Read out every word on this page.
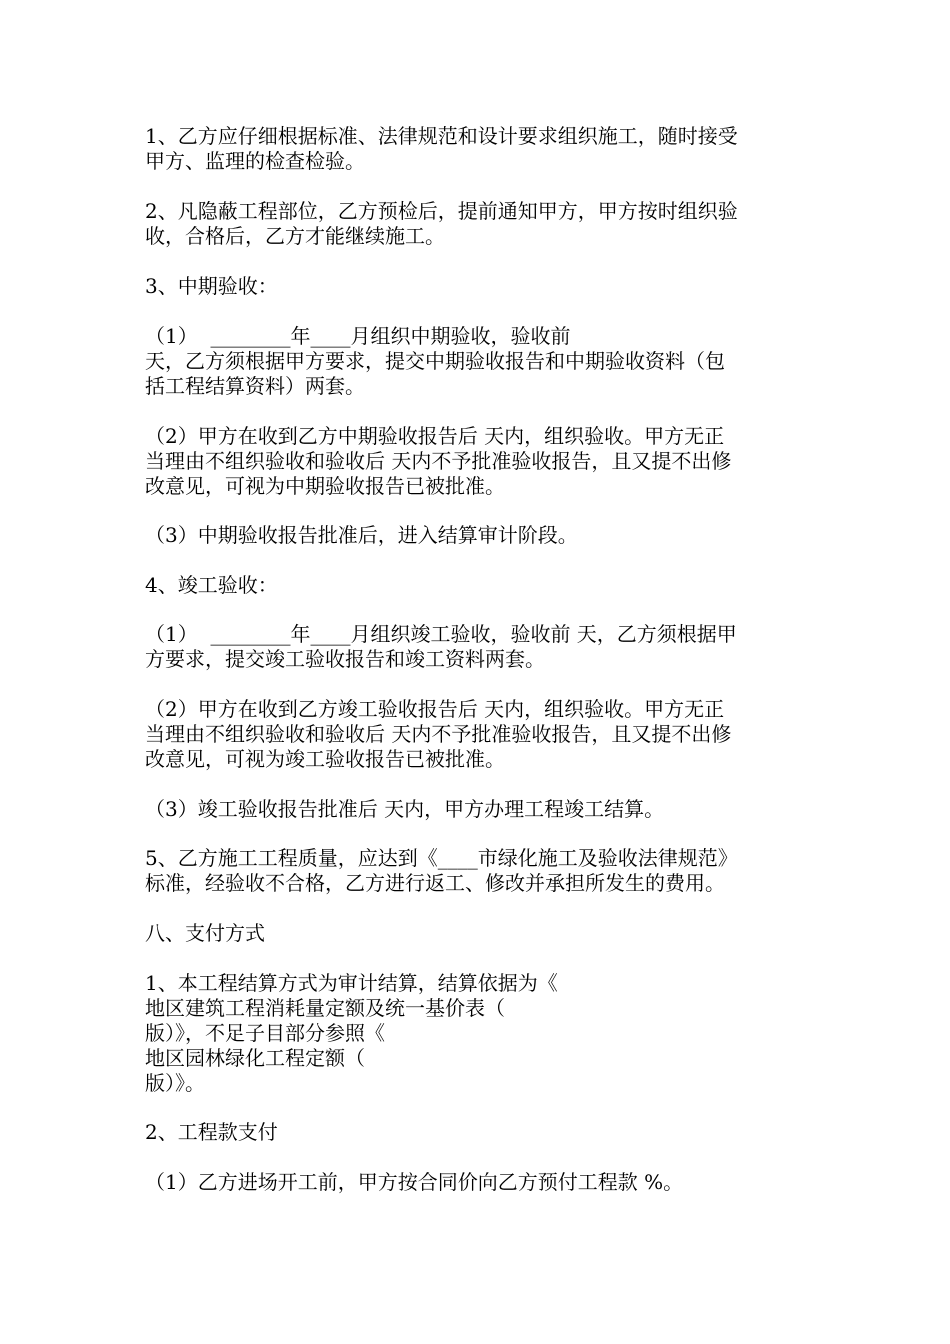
1、乙方应仔细根据标准、法律规范和设计要求组织施工，随时接受
甲方、监理的检查检验。
2、凡隐蔽工程部位，乙方预检后，提前通知甲方，甲方按时组织验
收，合格后，乙方才能继续施工。
3、中期验收：
（1）  ________年____月组织中期验收，验收前
天，乙方须根据甲方要求，提交中期验收报告和中期验收资料（包
括工程结算资料）两套。
（2）甲方在收到乙方中期验收报告后 天内，组织验收。甲方无正
当理由不组织验收和验收后 天内不予批准验收报告，且又提不出修
改意见，可视为中期验收报告已被批准。
（3）中期验收报告批准后，进入结算审计阶段。
4、竣工验收：
（1）  ________年____月组织竣工验收，验收前 天，乙方须根据甲
方要求，提交竣工验收报告和竣工资料两套。
（2）甲方在收到乙方竣工验收报告后 天内，组织验收。甲方无正
当理由不组织验收和验收后 天内不予批准验收报告，且又提不出修
改意见，可视为竣工验收报告已被批准。
（3）竣工验收报告批准后 天内，甲方办理工程竣工结算。
5、乙方施工工程质量，应达到《____市绿化施工及验收法律规范》
标准，经验收不合格，乙方进行返工、修改并承担所发生的费用。
八、支付方式
1、本工程结算方式为审计结算，结算依据为《
地区建筑工程消耗量定额及统一基价表（
版）》，不足子目部分参照《
地区园林绿化工程定额（
版）》。
2、工程款支付
（1）乙方进场开工前，甲方按合同价向乙方预付工程款 %。
